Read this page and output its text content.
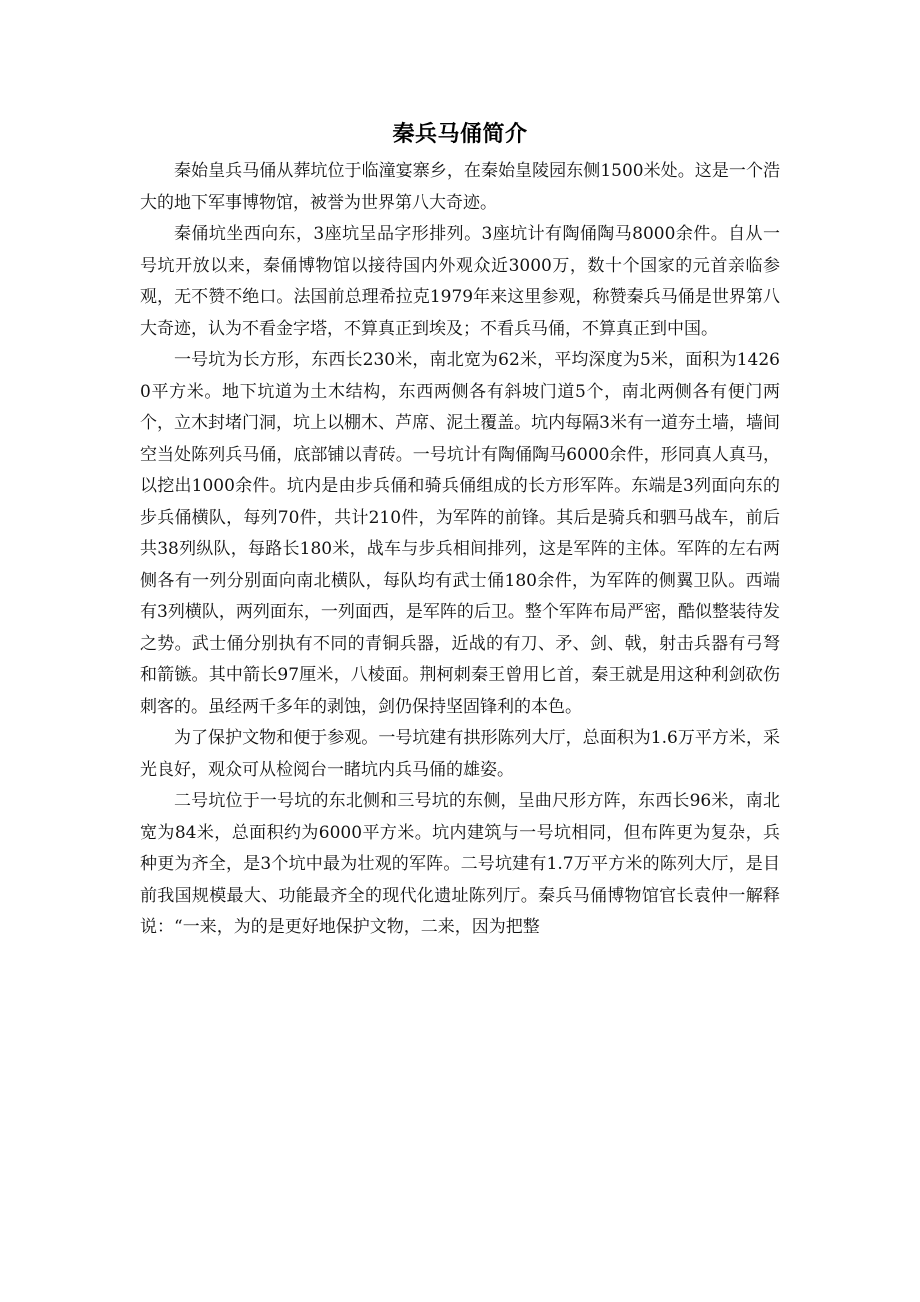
秦兵马俑简介

秦始皇兵马俑从葬坑位于临潼宴寨乡，在秦始皇陵园东侧1500米处。这是一个浩大的地下军事博物馆，被誉为世界第八大奇迹。

秦俑坑坐西向东，3座坑呈品字形排列。3座坑计有陶俑陶马8000余件。自从一号坑开放以来，秦俑博物馆以接待国内外观众近3000万，数十个国家的元首亲临参观，无不赞不绝口。法国前总理希拉克1979年来这里参观，称赞秦兵马俑是世界第八大奇迹，认为不看金字塔，不算真正到埃及；不看兵马俑，不算真正到中国。

一号坑为长方形，东西长230米，南北宽为62米，平均深度为5米，面积为14260平方米。地下坑道为土木结构，东西两侧各有斜坡门道5个，南北两侧各有便门两个，立木封堵门洞，坑上以棚木、芦席、泥土覆盖。坑内每隔3米有一道夯土墙，墙间空当处陈列兵马俑，底部铺以青砖。一号坑计有陶俑陶马6000余件，形同真人真马，以挖出1000余件。坑内是由步兵俑和骑兵俑组成的长方形军阵。东端是3列面向东的步兵俑横队，每列70件，共计210件，为军阵的前锋。其后是骑兵和驷马战车，前后共38列纵队，每路长180米，战车与步兵相间排列，这是军阵的主体。军阵的左右两侧各有一列分别面向南北横队，每队均有武士俑180余件，为军阵的侧翼卫队。西端有3列横队，两列面东，一列面西，是军阵的后卫。整个军阵布局严密，酷似整装待发之势。武士俑分别执有不同的青铜兵器，近战的有刀、矛、剑、戟，射击兵器有弓弩和箭镞。其中箭长97厘米，八棱面。荆柯刺秦王曾用匕首，秦王就是用这种利剑砍伤刺客的。虽经两千多年的剥蚀，剑仍保持坚固锋利的本色。

为了保护文物和便于参观。一号坑建有拱形陈列大厅，总面积为1.6万平方米，采光良好，观众可从检阅台一睹坑内兵马俑的雄姿。

二号坑位于一号坑的东北侧和三号坑的东侧，呈曲尺形方阵，东西长96米，南北宽为84米，总面积约为6000平方米。坑内建筑与一号坑相同，但布阵更为复杂，兵种更为齐全，是3个坑中最为壮观的军阵。二号坑建有1.7万平方米的陈列大厅，是目前我国规模最大、功能最齐全的现代化遗址陈列厅。秦兵马俑博物馆官长袁仲一解释说：“一来，为的是更好地保护文物，二来，因为把整
